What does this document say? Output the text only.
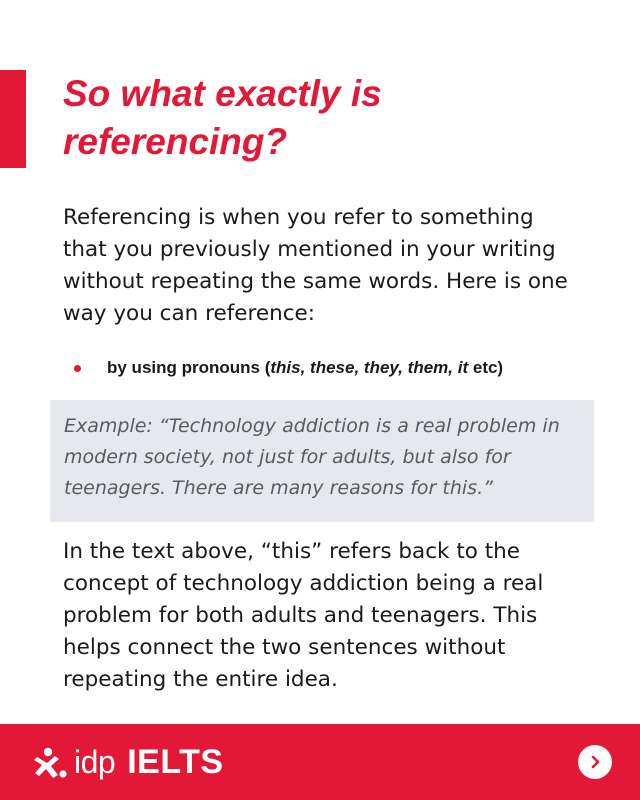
So what exactly is referencing?

Referencing is when you refer to something that you previously mentioned in your writing without repeating the same words. Here is one way you can reference:

by using pronouns (this, these, they, them, it etc)

Example: “Technology addiction is a real problem in modern society, not just for adults, but also for teenagers. There are many reasons for this.”

In the text above, “this” refers back to the concept of technology addiction being a real problem for both adults and teenagers. This helps connect the two sentences without repeating the entire idea.

idp IELTS
